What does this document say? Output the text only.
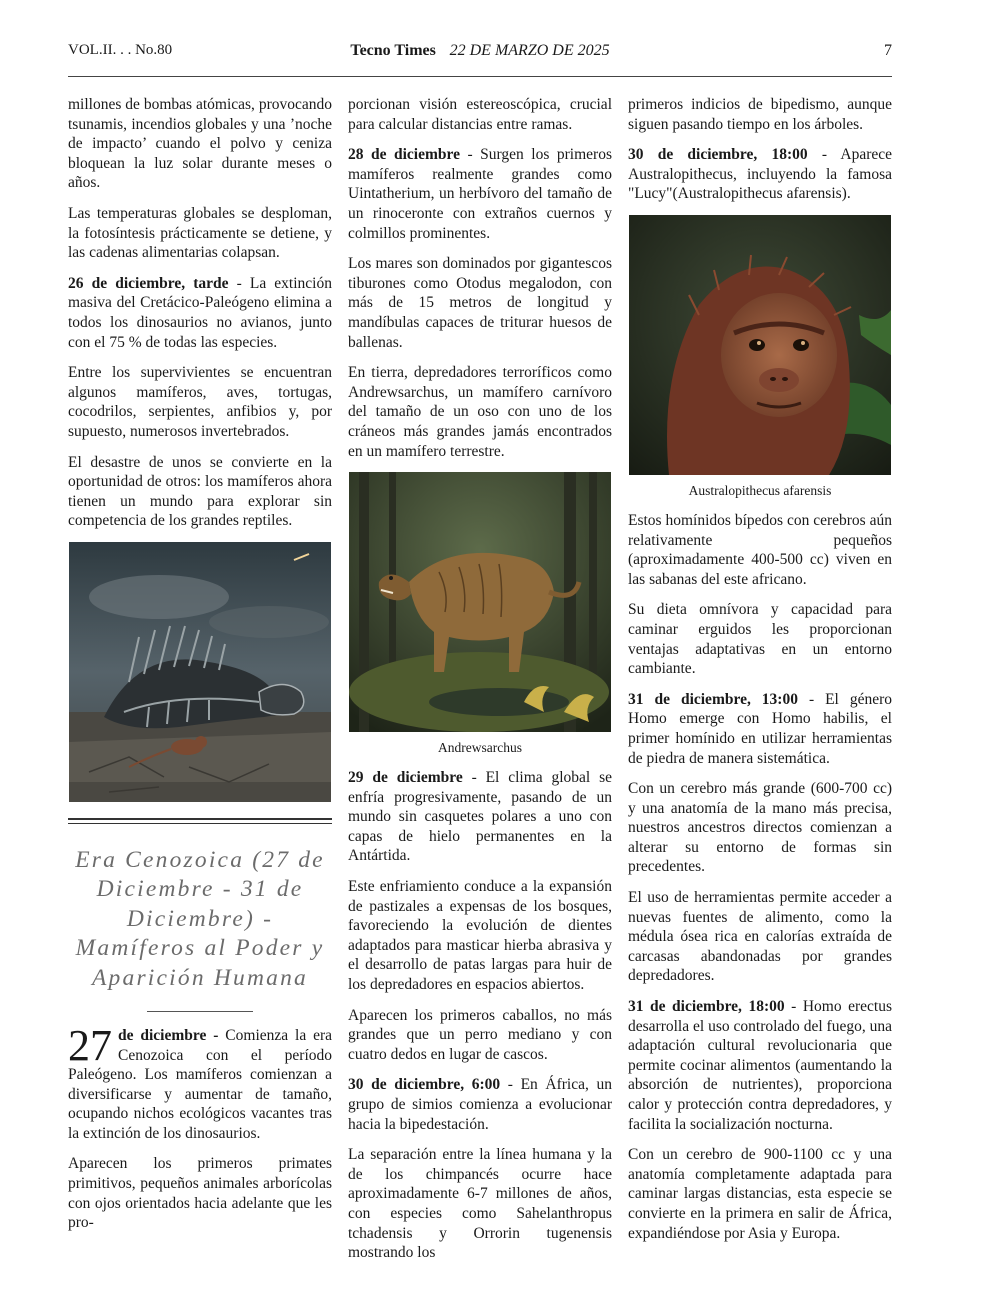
VOL.II. . . No.80	Tecno Times 22 DE MARZO DE 2025	7

millones de bombas atómicas, provocando tsunamis, incendios globales y una ’noche de impacto’ cuando el polvo y ceniza bloquean la luz solar durante meses o años.

Las temperaturas globales se desploman, la fotosíntesis prácticamente se detiene, y las cadenas alimentarias colapsan.

26 de diciembre, tarde - La extinción masiva del Cretácico-Paleógeno elimina a todos los dinosaurios no avianos, junto con el 75 % de todas las especies.

Entre los supervivientes se encuentran algunos mamíferos, aves, tortugas, cocodrilos, serpientes, anfibios y, por supuesto, numerosos invertebrados.

El desastre de unos se convierte en la oportunidad de otros: los mamíferos ahora tienen un mundo para explorar sin competencia de los grandes reptiles.

Era Cenozoica (27 de Diciembre - 31 de Diciembre) - Mamíferos al Poder y Aparición Humana

27 de diciembre - Comienza la era Cenozoica con el período Paleógeno. Los mamíferos comienzan a diversificarse y aumentar de tamaño, ocupando nichos ecológicos vacantes tras la extinción de los dinosaurios.

Aparecen los primeros primates primitivos, pequeños animales arborícolas con ojos orientados hacia adelante que les pro-

porcionan visión estereoscópica, crucial para calcular distancias entre ramas.

28 de diciembre - Surgen los primeros mamíferos realmente grandes como Uintatherium, un herbívoro del tamaño de un rinoceronte con extraños cuernos y colmillos prominentes.

Los mares son dominados por gigantescos tiburones como Otodus megalodon, con más de 15 metros de longitud y mandíbulas capaces de triturar huesos de ballenas.

En tierra, depredadores terroríficos como Andrewsarchus, un mamífero carnívoro del tamaño de un oso con uno de los cráneos más grandes jamás encontrados en un mamífero terrestre.

Andrewsarchus

29 de diciembre - El clima global se enfría progresivamente, pasando de un mundo sin casquetes polares a uno con capas de hielo permanentes en la Antártida.

Este enfriamiento conduce a la expansión de pastizales a expensas de los bosques, favoreciendo la evolución de dientes adaptados para masticar hierba abrasiva y el desarrollo de patas largas para huir de los depredadores en espacios abiertos.

Aparecen los primeros caballos, no más grandes que un perro mediano y con cuatro dedos en lugar de cascos.

30 de diciembre, 6:00 - En África, un grupo de simios comienza a evolucionar hacia la bipedestación.

La separación entre la línea humana y la de los chimpancés ocurre hace aproximadamente 6-7 millones de años, con especies como Sahelanthropus tchadensis y Orrorin tugenensis mostrando los

primeros indicios de bipedismo, aunque siguen pasando tiempo en los árboles.

30 de diciembre, 18:00 - Aparece Australopithecus, incluyendo la famosa "Lucy"(Australopithecus afarensis).

Australopithecus afarensis

Estos homínidos bípedos con cerebros aún relativamente pequeños (aproximadamente 400-500 cc) viven en las sabanas del este africano.

Su dieta omnívora y capacidad para caminar erguidos les proporcionan ventajas adaptativas en un entorno cambiante.

31 de diciembre, 13:00 - El género Homo emerge con Homo habilis, el primer homínido en utilizar herramientas de piedra de manera sistemática.

Con un cerebro más grande (600-700 cc) y una anatomía de la mano más precisa, nuestros ancestros directos comienzan a alterar su entorno de formas sin precedentes.

El uso de herramientas permite acceder a nuevas fuentes de alimento, como la médula ósea rica en calorías extraída de carcasas abandonadas por grandes depredadores.

31 de diciembre, 18:00 - Homo erectus desarrolla el uso controlado del fuego, una adaptación cultural revolucionaria que permite cocinar alimentos (aumentando la absorción de nutrientes), proporciona calor y protección contra depredadores, y facilita la socialización nocturna.

Con un cerebro de 900-1100 cc y una anatomía completamente adaptada para caminar largas distancias, esta especie se convierte en la primera en salir de África, expandiéndose por Asia y Europa.
